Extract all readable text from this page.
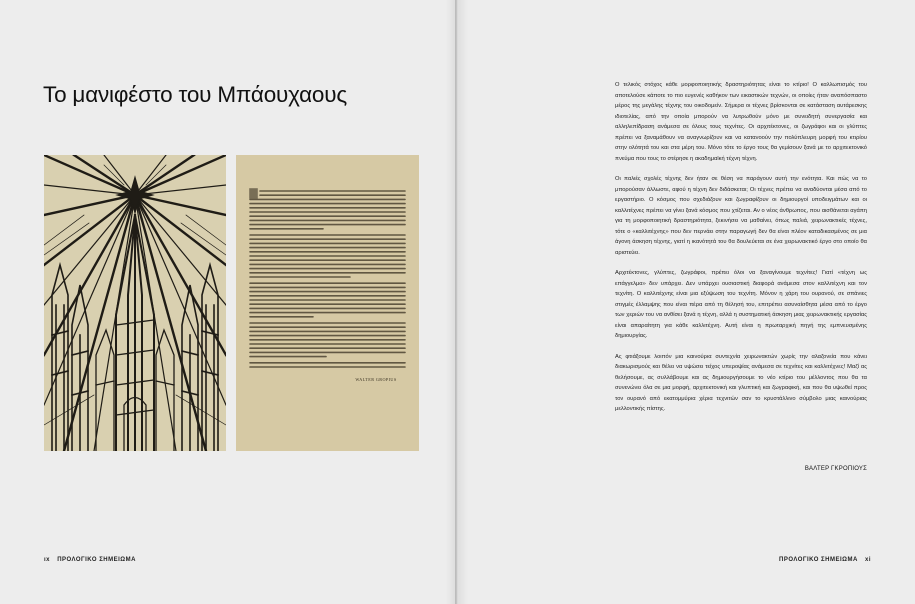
Το μανιφέστο του Μπάουχαους
WALTER GROPIUS
ıx ΠΡΟΛΟΓΙΚΟ ΣΗΜΕΙΩΜΑ

Ο τελικός στόχος κάθε μορφοποιητικής δραστηριότητας είναι το κτίριο! Ο καλλωπισμός του αποτελούσε κάποτε το πιο ευγενές καθήκον των εικαστικών τεχνών, οι οποίες ήταν αναπόσπαστο μέρος της μεγάλης τέχνης του οικοδομείν. Σήμερα οι τέχνες βρίσκονται σε κατάσταση αυτάρεσκης ιδιοτελίας, από την οποία μπορούν να λυτρωθούν μόνο με συνειδητή συνεργασία και αλληλεπίδραση ανάμεσα σε όλους τους τεχνίτες. Οι αρχιτέκτονες, οι ζωγράφοι και οι γλύπτες πρέπει να ξαναμάθουν να αναγνωρίζουν και να κατανοούν την πολύπλευρη μορφή του κτιρίου στην ολότητά του και στα μέρη του. Μόνο τότε το έργο τους θα γεμίσουν ξανά με το αρχιτεκτονικό πνεύμα που τους το στέρησε η ακαδημαϊκή τέχνη τέχνη.

Οι παλιές σχολές τέχνης δεν ήταν σε θέση να παράγουν αυτή την ενότητα. Και πώς να το μπορούσαν άλλωστε, αφού η τέχνη δεν διδάσκεται; Οι τέχνες πρέπει να αναδύονται μέσα από το εργαστήριο. Ο κόσμος που σχεδιάζουν και ζωγραφίζουν οι δημιουργοί υποδειγμάτων και οι καλλιτέχνες πρέπει να γίνει ξανά κόσμος που χτίζεται. Αν ο νέος άνθρωπος, που αισθάνεται αγάπη για τη μορφοποιητική δραστηριότητα, ξεκινήσει να μαθαίνει, όπως παλιά, χειρωνακτικές τέχνες, τότε ο «καλλιτέχνης» που δεν περνάει στην παραγωγή δεν θα είναι πλέον καταδικασμένος σε μια άγονη άσκηση τέχνης, γιατί η ικανότητά του θα δουλεύεται σε ένα χειρωνακτικό έργο στο οποίο θα αριστεύει.

Αρχιτέκτονες, γλύπτες, ζωγράφοι, πρέπει όλοι να ξαναγίνουμε τεχνίτες! Γιατί «τέχνη ως επάγγελμα» δεν υπάρχει. Δεν υπάρχει ουσιαστική διαφορά ανάμεσα στον καλλιτέχνη και τον τεχνίτη. Ο καλλιτέχνης είναι μια εξύψωση του τεχνίτη. Μόνον η χάρη του ουρανού, σε σπάνιες στιγμές έλλαμψης που είναι πέρα από τη θέλησή του, επιτρέπει ασυναίσθητα μέσα από το έργο των χεριών του να ανθίσει ξανά η τέχνη, αλλά η συστηματική άσκηση μιας χειρωνακτικής εργασίας είναι απαραίτητη για κάθε καλλιτέχνη. Αυτή είναι η πρωταρχική πηγή της εμπνευσμένης δημιουργίας.

Ας φτιάξουμε λοιπόν μια καινούρια συντεχνία χειρωνακτών χωρίς την αλαζονεία που κάνει διακωρισμούς και θέλει να υψώσει τείχος υπεροψίας ανάμεσα σε τεχνίτες και καλλιτέχνες! Μαζί ας θελήσουμε, ας συλλάβουμε και ας δημιουργήσουμε το νέο κτίριο του μέλλοντος που θα τα συνενώνει όλα σε μια μορφή, αρχιτεκτονική και γλυπτική και ζωγραφική, και που θα υψωθεί προς τον ουρανό από εκατομμύρια χέρια τεχνιτών σαν το κρυστάλλινο σύμβολο μιας καινούριας μελλοντικής πίστης.

ΒΑΛΤΕΡ ΓΚΡΟΠΙΟΥΣ
ΠΡΟΛΟΓΙΚΟ ΣΗΜΕΙΩΜΑ xi
